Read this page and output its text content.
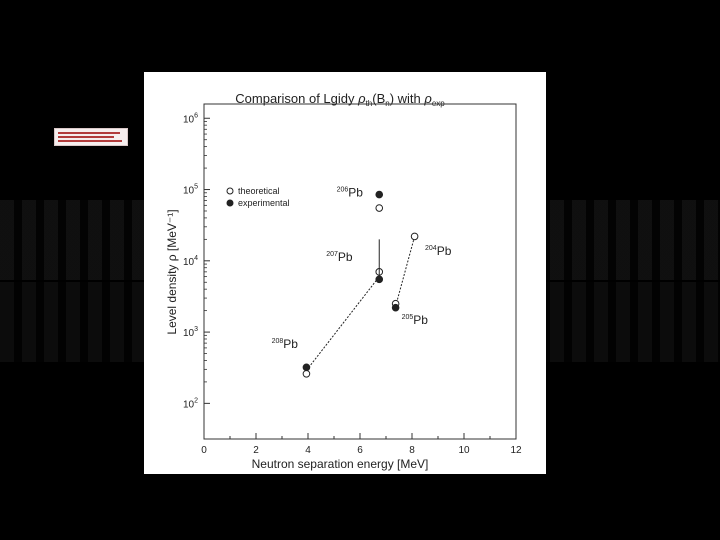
Comparison of Lgidy $\rho_{th}(B_n)$ with $\rho_{exp}$
0	2	4	6	8	10	12
$10^2$
$10^3$
$10^4$
$10^5$
$10^6$
Neutron separation energy [MeV]
Level density ρ [MeV⁻¹]
theoretical
experimental
$^{208}$Pb
$^{207}$Pb
$^{206}$Pb
$^{205}$Pb
$^{204}$Pb
